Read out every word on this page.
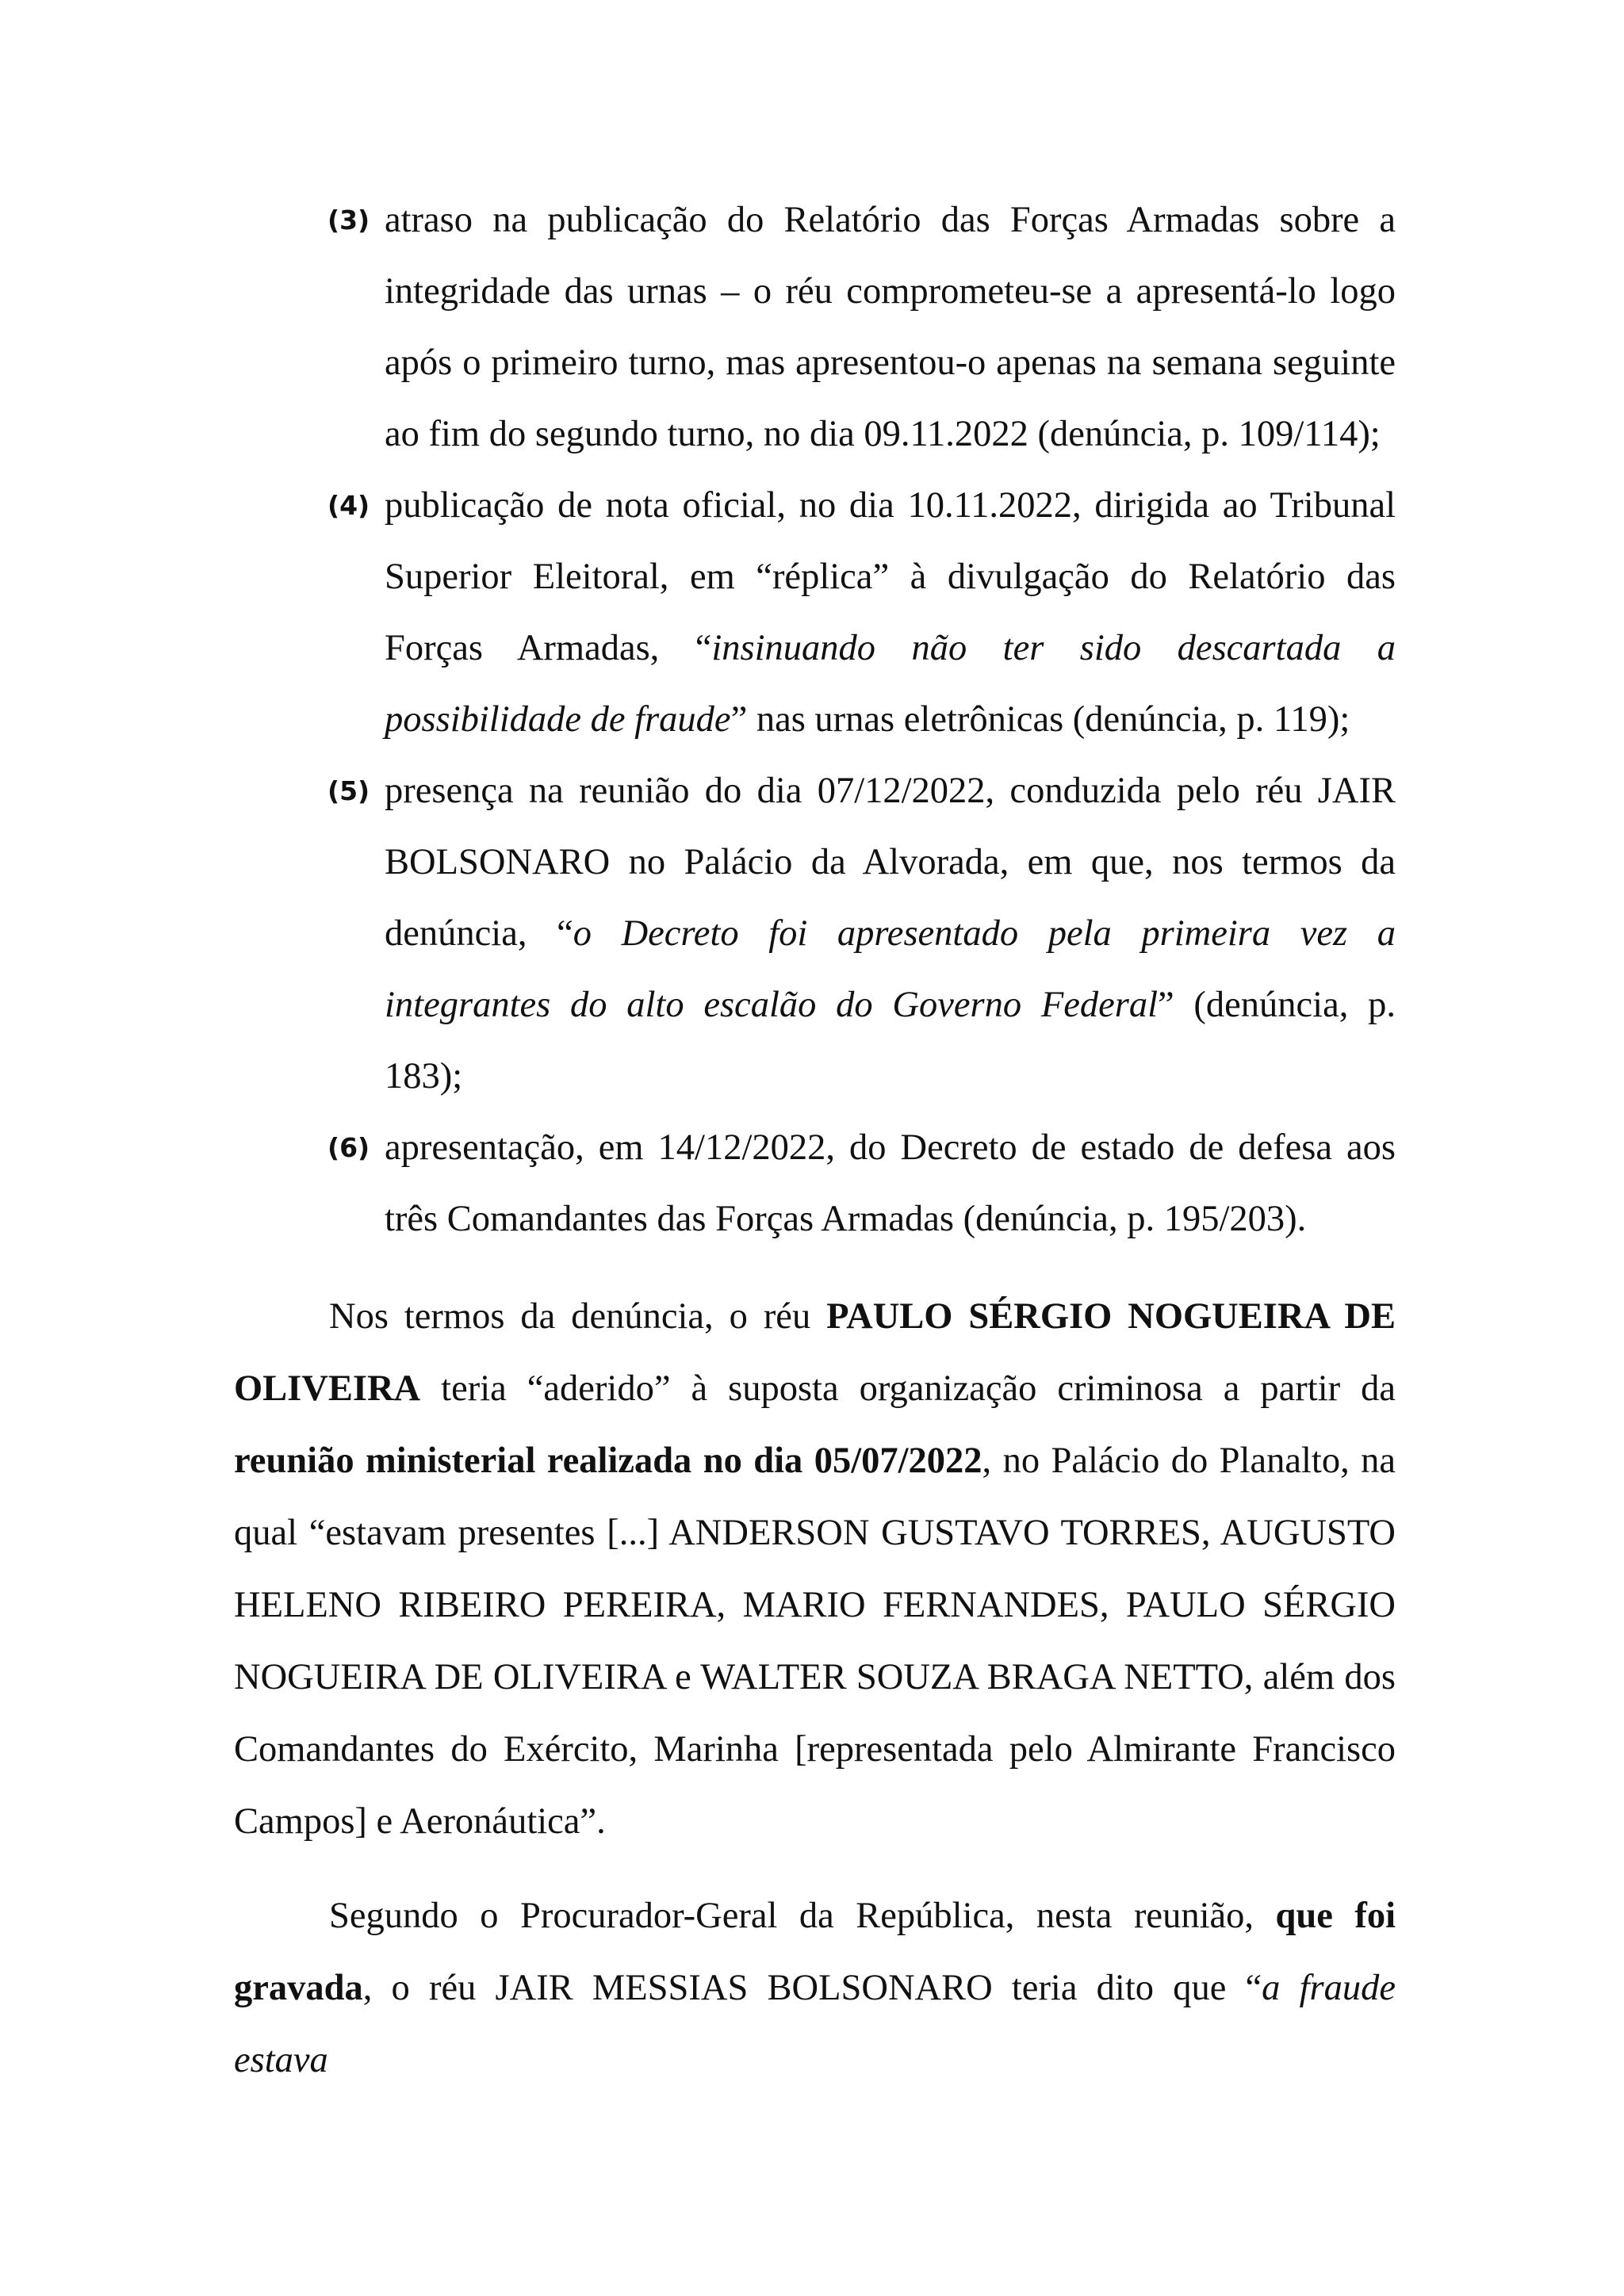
(3) atraso na publicação do Relatório das Forças Armadas sobre a integridade das urnas – o réu comprometeu-se a apresentá-lo logo após o primeiro turno, mas apresentou-o apenas na semana seguinte ao fim do segundo turno, no dia 09.11.2022 (denúncia, p. 109/114);
(4) publicação de nota oficial, no dia 10.11.2022, dirigida ao Tribunal Superior Eleitoral, em “réplica” à divulgação do Relatório das Forças Armadas, “insinuando não ter sido descartada a possibilidade de fraude” nas urnas eletrônicas (denúncia, p. 119);
(5) presença na reunião do dia 07/12/2022, conduzida pelo réu JAIR BOLSONARO no Palácio da Alvorada, em que, nos termos da denúncia, “o Decreto foi apresentado pela primeira vez a integrantes do alto escalão do Governo Federal” (denúncia, p. 183);
(6) apresentação, em 14/12/2022, do Decreto de estado de defesa aos três Comandantes das Forças Armadas (denúncia, p. 195/203).

Nos termos da denúncia, o réu PAULO SÉRGIO NOGUEIRA DE OLIVEIRA teria “aderido” à suposta organização criminosa a partir da reunião ministerial realizada no dia 05/07/2022, no Palácio do Planalto, na qual “estavam presentes [...] ANDERSON GUSTAVO TORRES, AUGUSTO HELENO RIBEIRO PEREIRA, MARIO FERNANDES, PAULO SÉRGIO NOGUEIRA DE OLIVEIRA e WALTER SOUZA BRAGA NETTO, além dos Comandantes do Exército, Marinha [representada pelo Almirante Francisco Campos] e Aeronáutica”.

Segundo o Procurador-Geral da República, nesta reunião, que foi gravada, o réu JAIR MESSIAS BOLSONARO teria dito que “a fraude estava
